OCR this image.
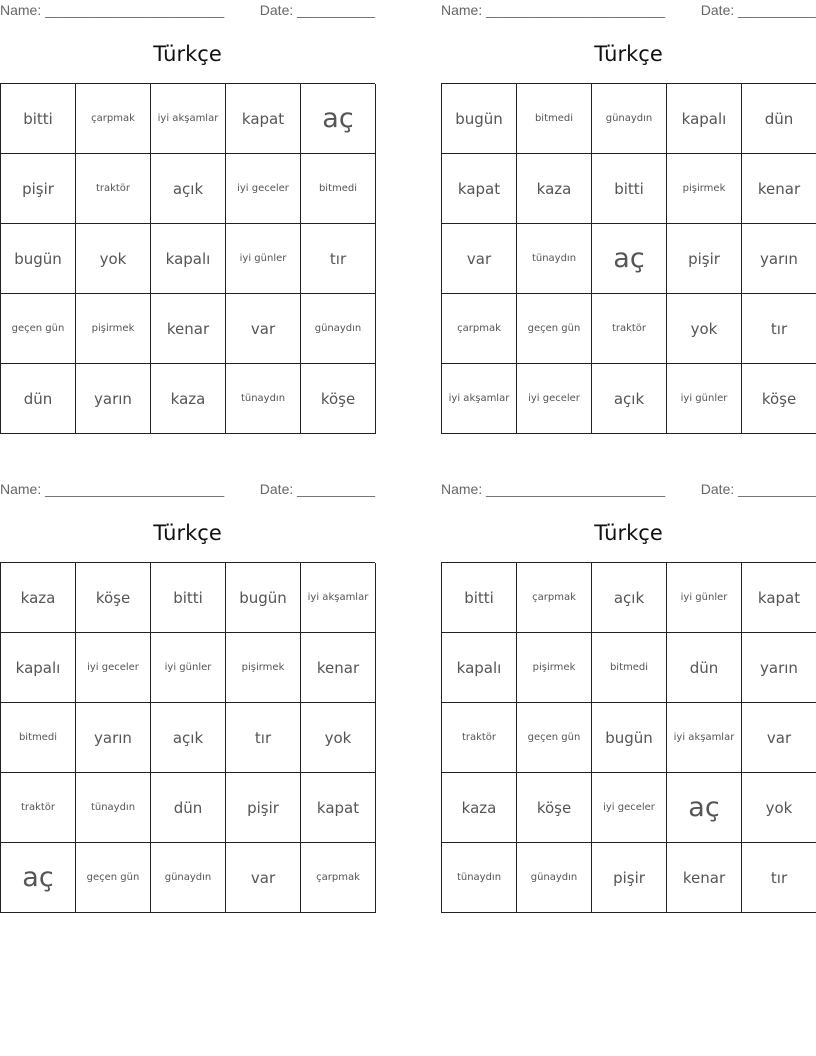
Name: _______________________	Date: __________
Türkçe
bitti	çarpmak	iyi akşamlar	kapat	aç
pişir	traktör	açık	iyi geceler	bitmedi
bugün	yok	kapalı	iyi günler	tır
geçen gün	pişirmek	kenar	var	günaydın
dün	yarın	kaza	tünaydın	köşe
Name: _______________________	Date: __________
Türkçe
bugün	bitmedi	günaydın	kapalı	dün
kapat	kaza	bitti	pişirmek	kenar
var	tünaydın	aç	pişir	yarın
çarpmak	geçen gün	traktör	yok	tır
iyi akşamlar	iyi geceler	açık	iyi günler	köşe
Name: _______________________	Date: __________
Türkçe
kaza	köşe	bitti	bugün	iyi akşamlar
kapalı	iyi geceler	iyi günler	pişirmek	kenar
bitmedi	yarın	açık	tır	yok
traktör	tünaydın	dün	pişir	kapat
aç	geçen gün	günaydın	var	çarpmak
Name: _______________________	Date: __________
Türkçe
bitti	çarpmak	açık	iyi günler	kapat
kapalı	pişirmek	bitmedi	dün	yarın
traktör	geçen gün	bugün	iyi akşamlar	var
kaza	köşe	iyi geceler	aç	yok
tünaydın	günaydın	pişir	kenar	tır
